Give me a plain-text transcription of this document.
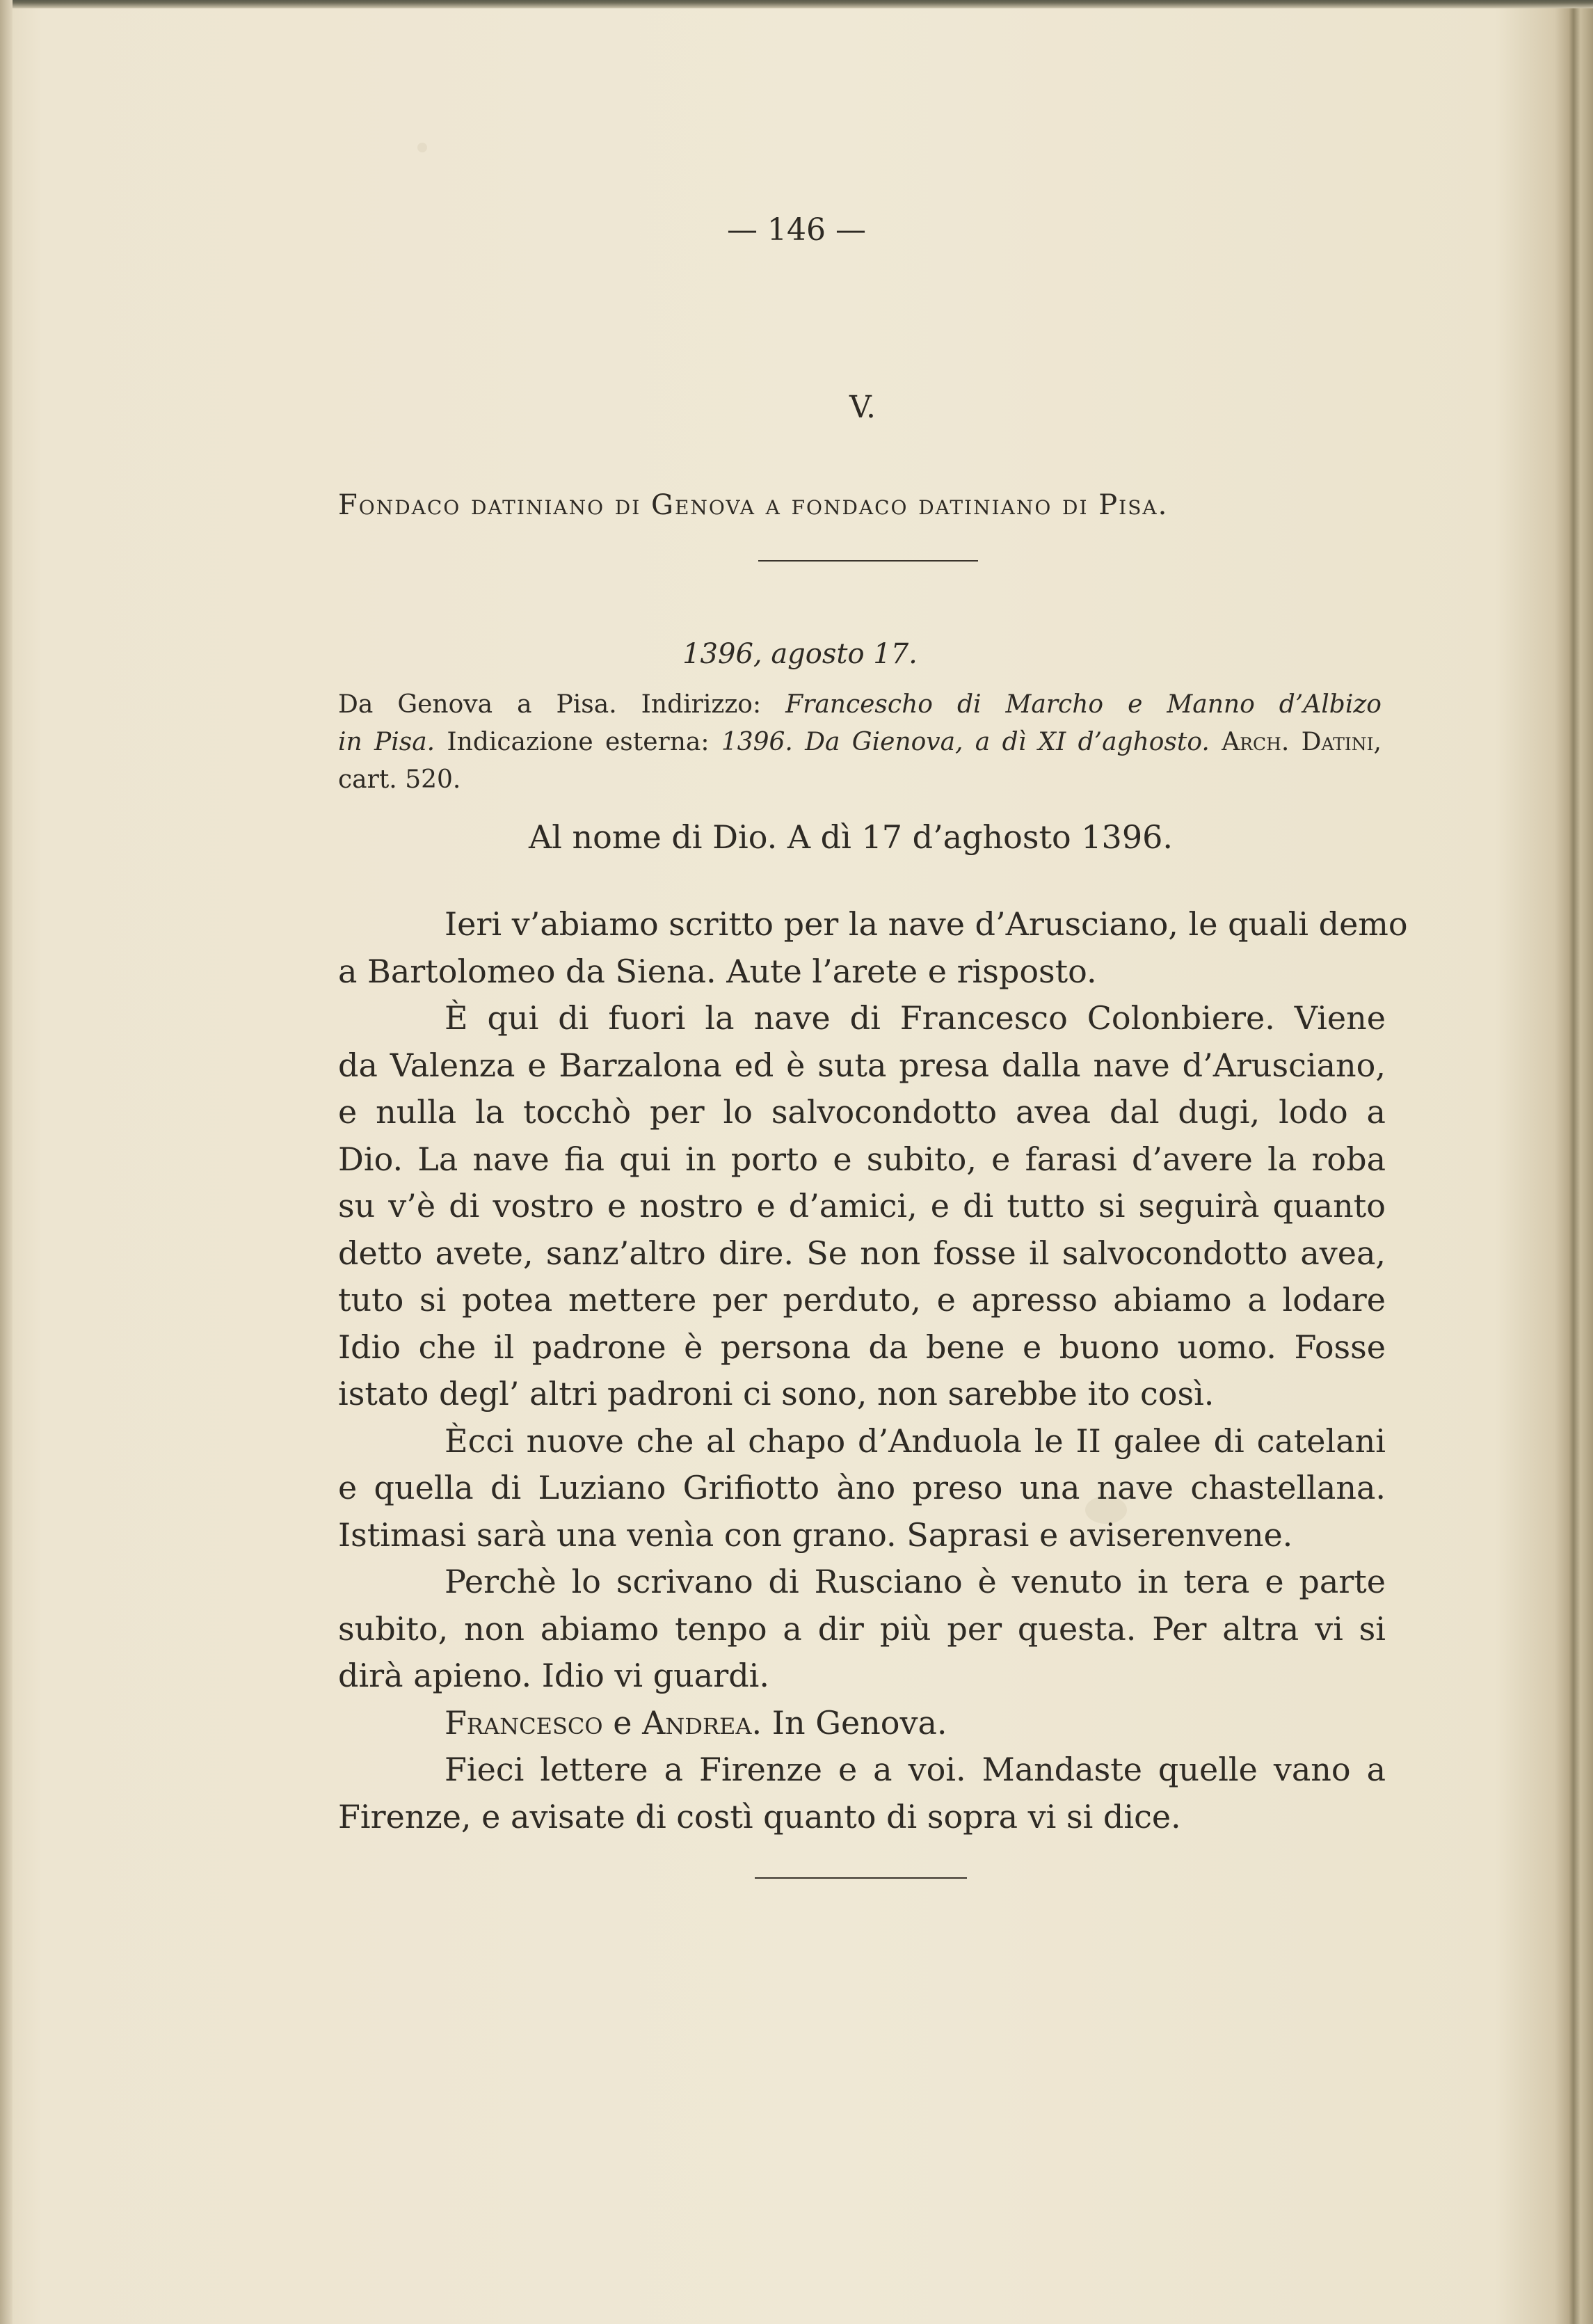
— 146 —
V.
Fondaco datiniano di Genova a fondaco datiniano di Pisa.
1396, agosto 17.
Da Genova a Pisa. Indirizzo: Francescho di Marcho e Manno d’Albizo
in Pisa. Indicazione esterna: 1396. Da Gienova, a dì XI d’aghosto. Arch. Datini,
cart. 520.
Al nome di Dio. A dì 17 d’aghosto 1396.
Ieri v’abiamo scritto per la nave d’Arusciano, le quali demo
a Bartolomeo da Siena. Aute l’arete e risposto.
È qui di fuori la nave di Francesco Colonbiere. Viene
da Valenza e Barzalona ed è suta presa dalla nave d’Arusciano,
e nulla la tocchò per lo salvocondotto avea dal dugi, lodo a
Dio. La nave fia qui in porto e subito, e farasi d’avere la roba
su v’è di vostro e nostro e d’amici, e di tutto si seguirà quanto
detto avete, sanz’altro dire. Se non fosse il salvocondotto avea,
tuto si potea mettere per perduto, e apresso abiamo a lodare
Idio che il padrone è persona da bene e buono uomo. Fosse
istato degl’ altri padroni ci sono, non sarebbe ito così.
Ècci nuove che al chapo d’Anduola le II galee di catelani
e quella di Luziano Grifiotto àno preso una nave chastellana.
Istimasi sarà una venìa con grano. Saprasi e aviserenvene.
Perchè lo scrivano di Rusciano è venuto in tera e parte
subito, non abiamo tenpo a dir più per questa. Per altra vi si
dirà apieno. Idio vi guardi.
Francesco e Andrea. In Genova.
Fieci lettere a Firenze e a voi. Mandaste quelle vano a
Firenze, e avisate di costì quanto di sopra vi si dice.
